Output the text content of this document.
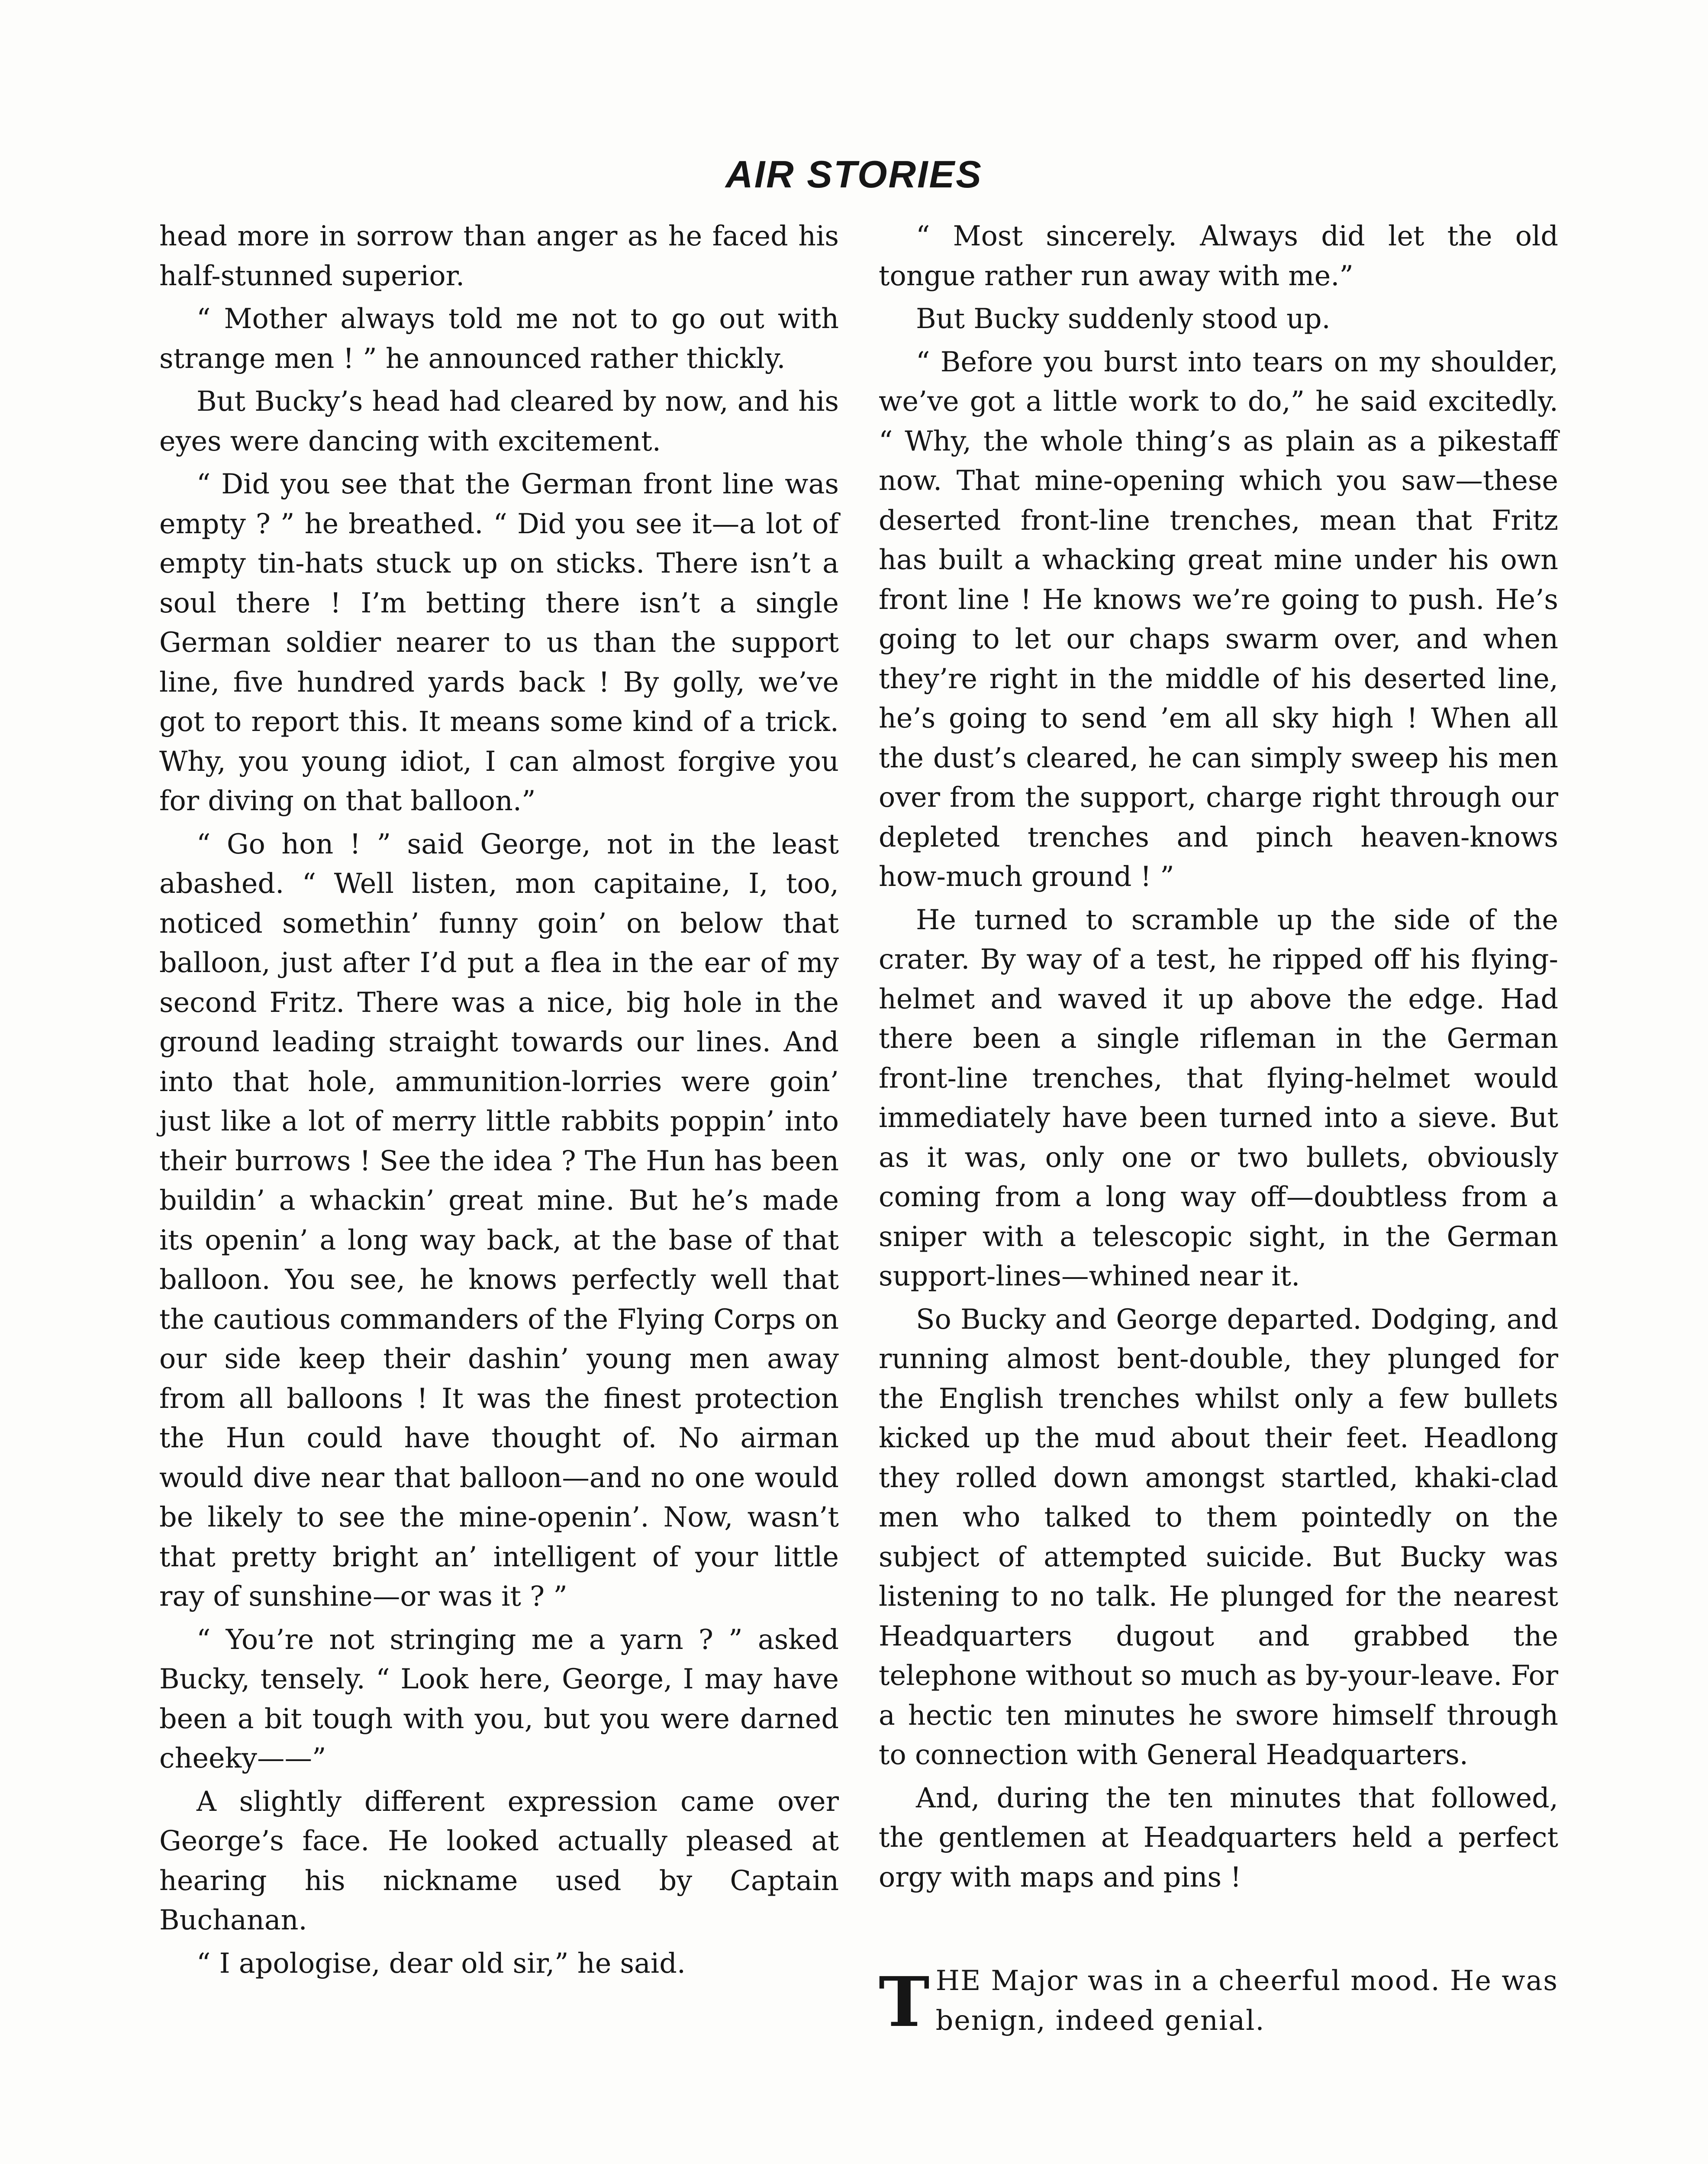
AIR STORIES

head more in sorrow than anger as he faced his half-stunned superior.

“ Mother always told me not to go out with strange men ! ” he announced rather thickly.

But Bucky’s head had cleared by now, and his eyes were dancing with excitement.

“ Did you see that the German front line was empty ? ” he breathed. “ Did you see it—a lot of empty tin-hats stuck up on sticks. There isn’t a soul there ! I’m betting there isn’t a single German soldier nearer to us than the support line, five hundred yards back ! By golly, we’ve got to report this. It means some kind of a trick. Why, you young idiot, I can almost forgive you for diving on that balloon.”

“ Go hon ! ” said George, not in the least abashed. “ Well listen, mon capitaine, I, too, noticed somethin’ funny goin’ on below that balloon, just after I’d put a flea in the ear of my second Fritz. There was a nice, big hole in the ground leading straight towards our lines. And into that hole, ammunition-lorries were goin’ just like a lot of merry little rabbits poppin’ into their burrows ! See the idea ? The Hun has been buildin’ a whackin’ great mine. But he’s made its openin’ a long way back, at the base of that balloon. You see, he knows perfectly well that the cautious commanders of the Flying Corps on our side keep their dashin’ young men away from all balloons ! It was the finest protection the Hun could have thought of. No airman would dive near that balloon—and no one would be likely to see the mine-openin’. Now, wasn’t that pretty bright an’ intelligent of your little ray of sunshine—or was it ? ”

“ You’re not stringing me a yarn ? ” asked Bucky, tensely. “ Look here, George, I may have been a bit tough with you, but you were darned cheeky——”

A slightly different expression came over George’s face. He looked actually pleased at hearing his nickname used by Captain Buchanan.

“ I apologise, dear old sir,” he said.

“ Most sincerely. Always did let the old tongue rather run away with me.”

But Bucky suddenly stood up.

“ Before you burst into tears on my shoulder, we’ve got a little work to do,” he said excitedly. “ Why, the whole thing’s as plain as a pikestaff now. That mine-opening which you saw—these deserted front-line trenches, mean that Fritz has built a whacking great mine under his own front line ! He knows we’re going to push. He’s going to let our chaps swarm over, and when they’re right in the middle of his deserted line, he’s going to send ’em all sky high ! When all the dust’s cleared, he can simply sweep his men over from the support, charge right through our depleted trenches and pinch heaven-knows how-much ground ! ”

He turned to scramble up the side of the crater. By way of a test, he ripped off his flying-helmet and waved it up above the edge. Had there been a single rifleman in the German front-line trenches, that flying-helmet would immediately have been turned into a sieve. But as it was, only one or two bullets, obviously coming from a long way off—doubtless from a sniper with a telescopic sight, in the German support-lines—whined near it.

So Bucky and George departed. Dodging, and running almost bent-double, they plunged for the English trenches whilst only a few bullets kicked up the mud about their feet. Headlong they rolled down amongst startled, khaki-clad men who talked to them pointedly on the subject of attempted suicide. But Bucky was listening to no talk. He plunged for the nearest Headquarters dugout and grabbed the telephone without so much as by-your-leave. For a hectic ten minutes he swore himself through to connection with General Headquarters.

And, during the ten minutes that followed, the gentlemen at Headquarters held a perfect orgy with maps and pins !

THE Major was in a cheerful mood. He was benign, indeed genial.
